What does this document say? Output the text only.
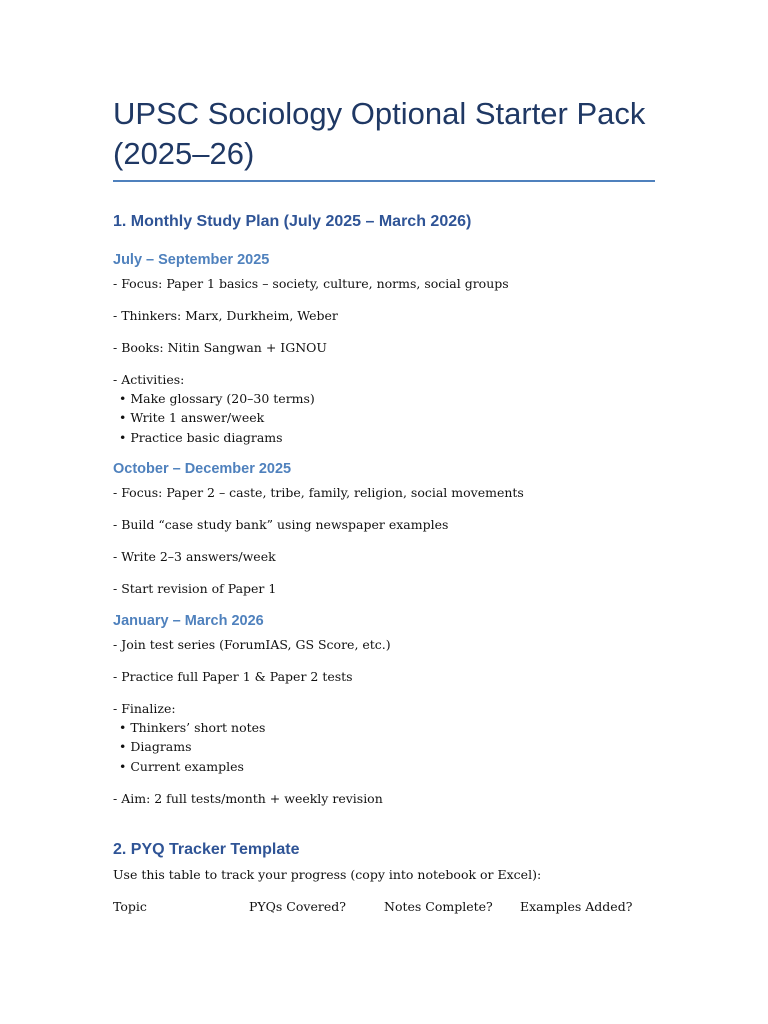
UPSC Sociology Optional Starter Pack
(2025–26)
1. Monthly Study Plan (July 2025 – March 2026)
July – September 2025
- Focus: Paper 1 basics – society, culture, norms, social groups
- Thinkers: Marx, Durkheim, Weber
- Books: Nitin Sangwan + IGNOU
- Activities:
• Make glossary (20–30 terms)
• Write 1 answer/week
• Practice basic diagrams
October – December 2025
- Focus: Paper 2 – caste, tribe, family, religion, social movements
- Build “case study bank” using newspaper examples
- Write 2–3 answers/week
- Start revision of Paper 1
January – March 2026
- Join test series (ForumIAS, GS Score, etc.)
- Practice full Paper 1 & Paper 2 tests
- Finalize:
• Thinkers’ short notes
• Diagrams
• Current examples
- Aim: 2 full tests/month + weekly revision
2. PYQ Tracker Template
Use this table to track your progress (copy into notebook or Excel):
Topic	PYQs Covered?	Notes Complete? Examples Added?
